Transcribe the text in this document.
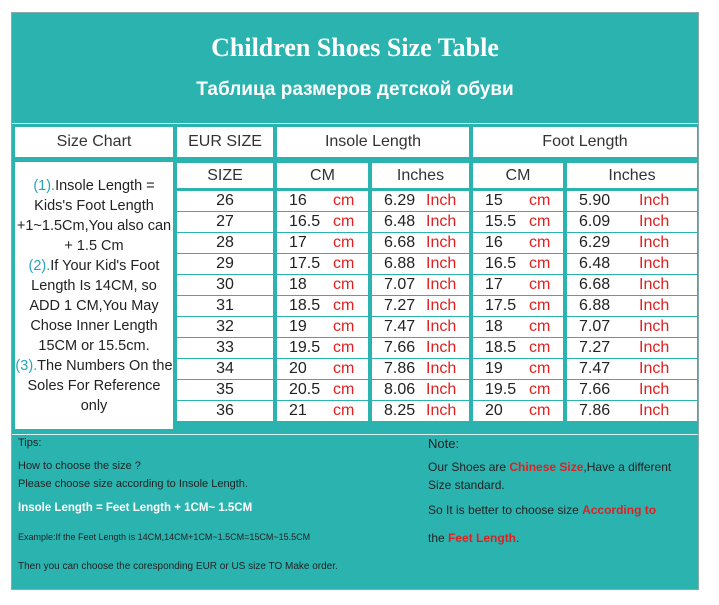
Children Shoes Size Table
Таблица размеров детской обуви
Size Chart	EUR SIZE	Insole Length	Foot Length
(1).Insole Length = Kids's Foot Length +1~1.5Cm,You also can + 1.5 Cm
(2).If Your Kid's Foot Length Is 14CM, so ADD 1 CM,You May Chose Inner Length 15CM or 15.5cm.
(3).The Numbers On the Soles For Reference only
SIZE	CM	Inches	CM	Inches
26	16 cm 6.29 Inch 15 cm 5.90 Inch
27	16.5 cm 6.48 Inch 15.5 cm 6.09 Inch
28	17 cm 6.68 Inch 16 cm 6.29 Inch
29	17.5 cm 6.88 Inch 16.5 cm 6.48 Inch
30	18 cm 7.07 Inch 17 cm 6.68 Inch
31	18.5 cm 7.27 Inch 17.5 cm 6.88 Inch
32	19 cm 7.47 Inch 18 cm 7.07 Inch
33	19.5 cm 7.66 Inch 18.5 cm 7.27 Inch
34	20 cm 7.86 Inch 19 cm 7.47 Inch
35	20.5 cm 8.06 Inch 19.5 cm 7.66 Inch
36	21 cm 8.25 Inch 20 cm 7.86 Inch
Tips:
How to choose the size ?
Please choose size according to Insole Length.
Insole Length = Feet Length + 1CM~ 1.5CM
Example:If the Feet Length is 14CM,14CM+1CM~1.5CM=15CM~15.5CM
Then you can choose the coresponding EUR or US size TO Make order.
Note:
Our Shoes are Chinese Size,Have a different
Size standard.
So It is better to choose size According to
the Feet Length.
